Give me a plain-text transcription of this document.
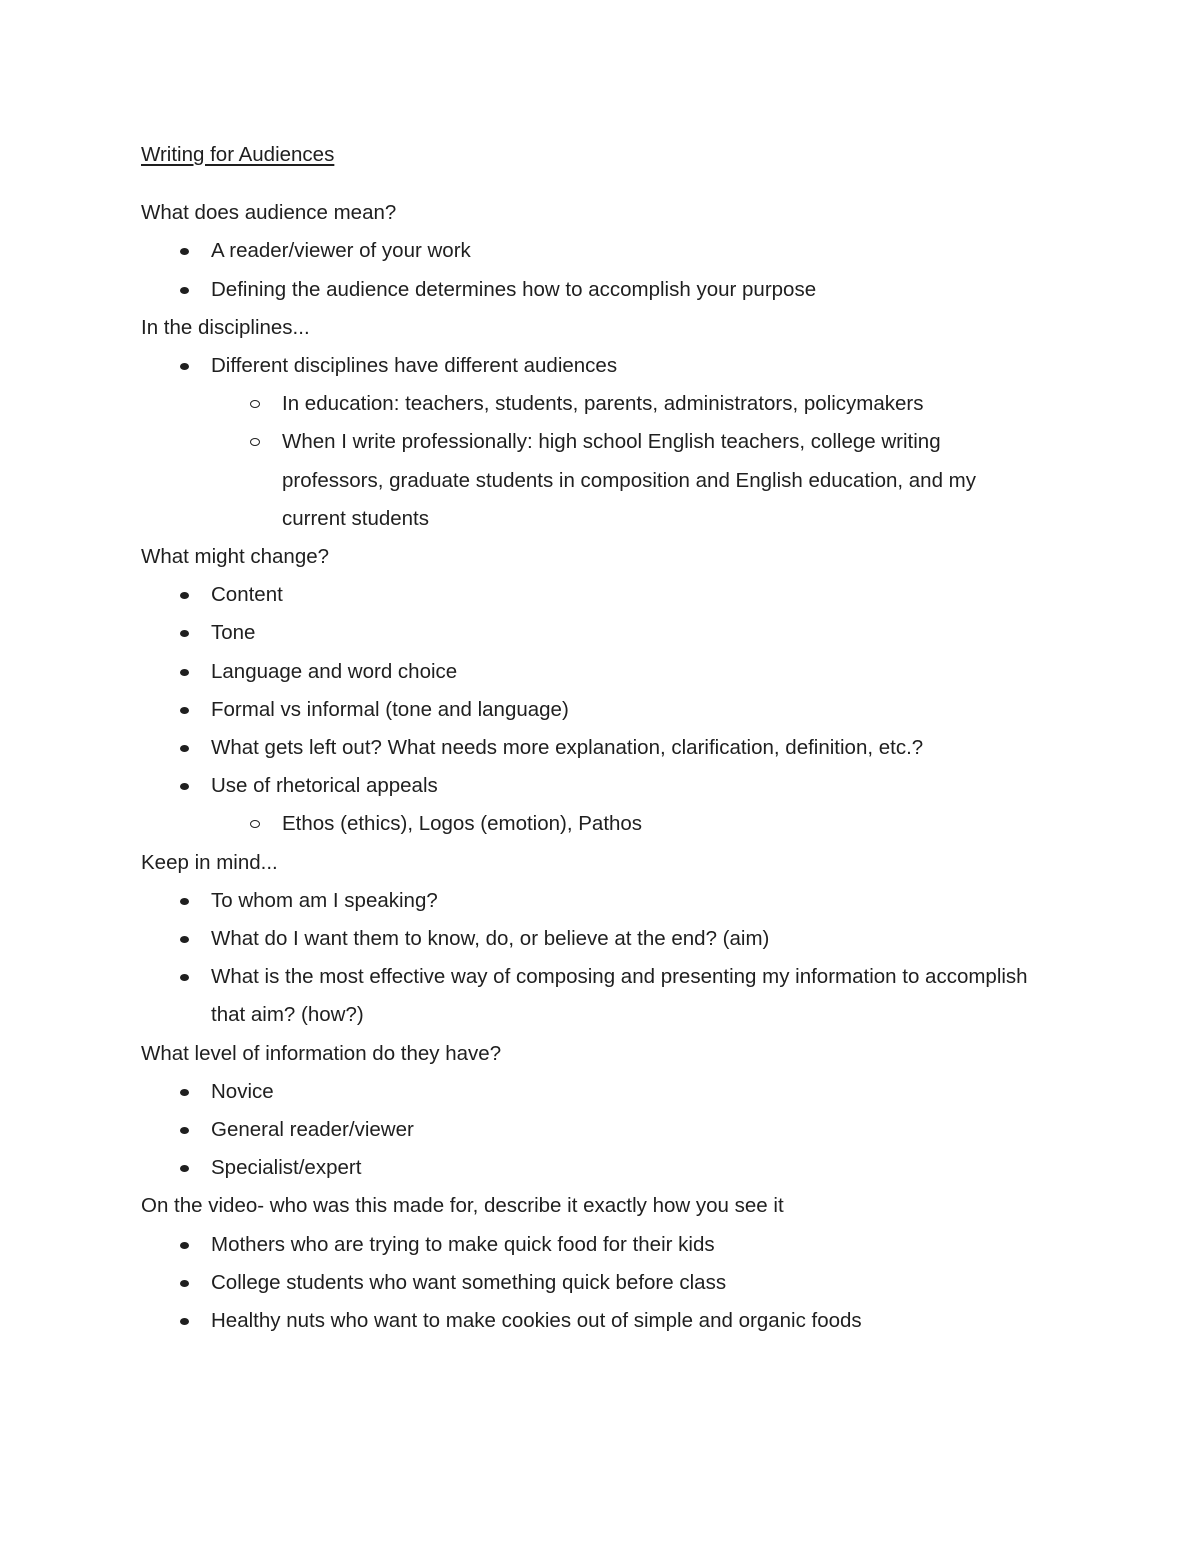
Writing for Audiences

What does audience mean?

A reader/viewer of your work
Defining the audience determines how to accomplish your purpose

In the disciplines...

Different disciplines have different audiences
In education: teachers, students, parents, administrators, policymakers
When I write professionally: high school English teachers, college writing professors, graduate students in composition and English education, and my current students

What might change?

Content
Tone
Language and word choice
Formal vs informal (tone and language)
What gets left out? What needs more explanation, clarification, definition, etc.?
Use of rhetorical appeals
Ethos (ethics), Logos (emotion), Pathos

Keep in mind...

To whom am I speaking?
What do I want them to know, do, or believe at the end? (aim)
What is the most effective way of composing and presenting my information to accomplish that aim? (how?)

What level of information do they have?

Novice
General reader/viewer
Specialist/expert

On the video- who was this made for, describe it exactly how you see it

Mothers who are trying to make quick food for their kids
College students who want something quick before class
Healthy nuts who want to make cookies out of simple and organic foods
